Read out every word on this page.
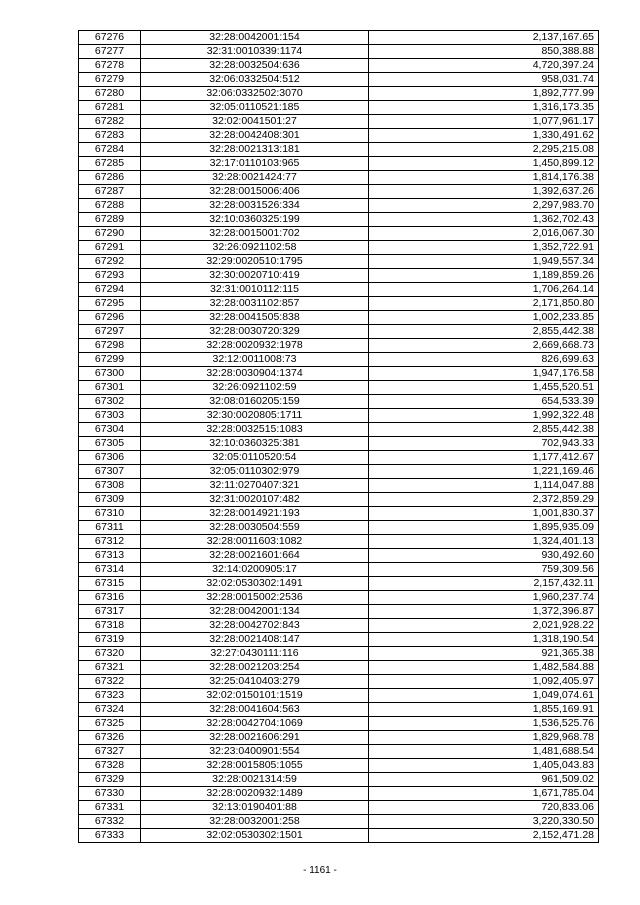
67276	32:28:0042001:154	2,137,167.65
67277	32:31:0010339:1174	850,388.88
67278	32:28:0032504:636	4,720,397.24
67279	32:06:0332504:512	958,031.74
67280	32:06:0332502:3070	1,892,777.99
67281	32:05:0110521:185	1,316,173.35
67282	32:02:0041501:27	1,077,961.17
67283	32:28:0042408:301	1,330,491.62
67284	32:28:0021313:181	2,295,215.08
67285	32:17:0110103:965	1,450,899.12
67286	32:28:0021424:77	1,814,176.38
67287	32:28:0015006:406	1,392,637.26
67288	32:28:0031526:334	2,297,983.70
67289	32:10:0360325:199	1,362,702.43
67290	32:28:0015001:702	2,016,067.30
67291	32:26:0921102:58	1,352,722.91
67292	32:29:0020510:1795	1,949,557.34
67293	32:30:0020710:419	1,189,859.26
67294	32:31:0010112:115	1,706,264.14
67295	32:28:0031102:857	2,171,850.80
67296	32:28:0041505:838	1,002,233.85
67297	32:28:0030720:329	2,855,442.38
67298	32:28:0020932:1978	2,669,668.73
67299	32:12:0011008:73	826,699.63
67300	32:28:0030904:1374	1,947,176.58
67301	32:26:0921102:59	1,455,520.51
67302	32:08:0160205:159	654,533.39
67303	32:30:0020805:1711	1,992,322.48
67304	32:28:0032515:1083	2,855,442.38
67305	32:10:0360325:381	702,943.33
67306	32:05:0110520:54	1,177,412.67
67307	32:05:0110302:979	1,221,169.46
67308	32:11:0270407:321	1,114,047.88
67309	32:31:0020107:482	2,372,859.29
67310	32:28:0014921:193	1,001,830.37
67311	32:28:0030504:559	1,895,935.09
67312	32:28:0011603:1082	1,324,401.13
67313	32:28:0021601:664	930,492.60
67314	32:14:0200905:17	759,309.56
67315	32:02:0530302:1491	2,157,432.11
67316	32:28:0015002:2536	1,960,237.74
67317	32:28:0042001:134	1,372,396.87
67318	32:28:0042702:843	2,021,928.22
67319	32:28:0021408:147	1,318,190.54
67320	32:27:0430111:116	921,365.38
67321	32:28:0021203:254	1,482,584.88
67322	32:25:0410403:279	1,092,405.97
67323	32:02:0150101:1519	1,049,074.61
67324	32:28:0041604:563	1,855,169.91
67325	32:28:0042704:1069	1,536,525.76
67326	32:28:0021606:291	1,829,968.78
67327	32:23:0400901:554	1,481,688.54
67328	32:28:0015805:1055	1,405,043.83
67329	32:28:0021314:59	961,509.02
67330	32:28:0020932:1489	1,671,785.04
67331	32:13:0190401:88	720,833.06
67332	32:28:0032001:258	3,220,330.50
67333	32:02:0530302:1501	2,152,471.28
- 1161 -
